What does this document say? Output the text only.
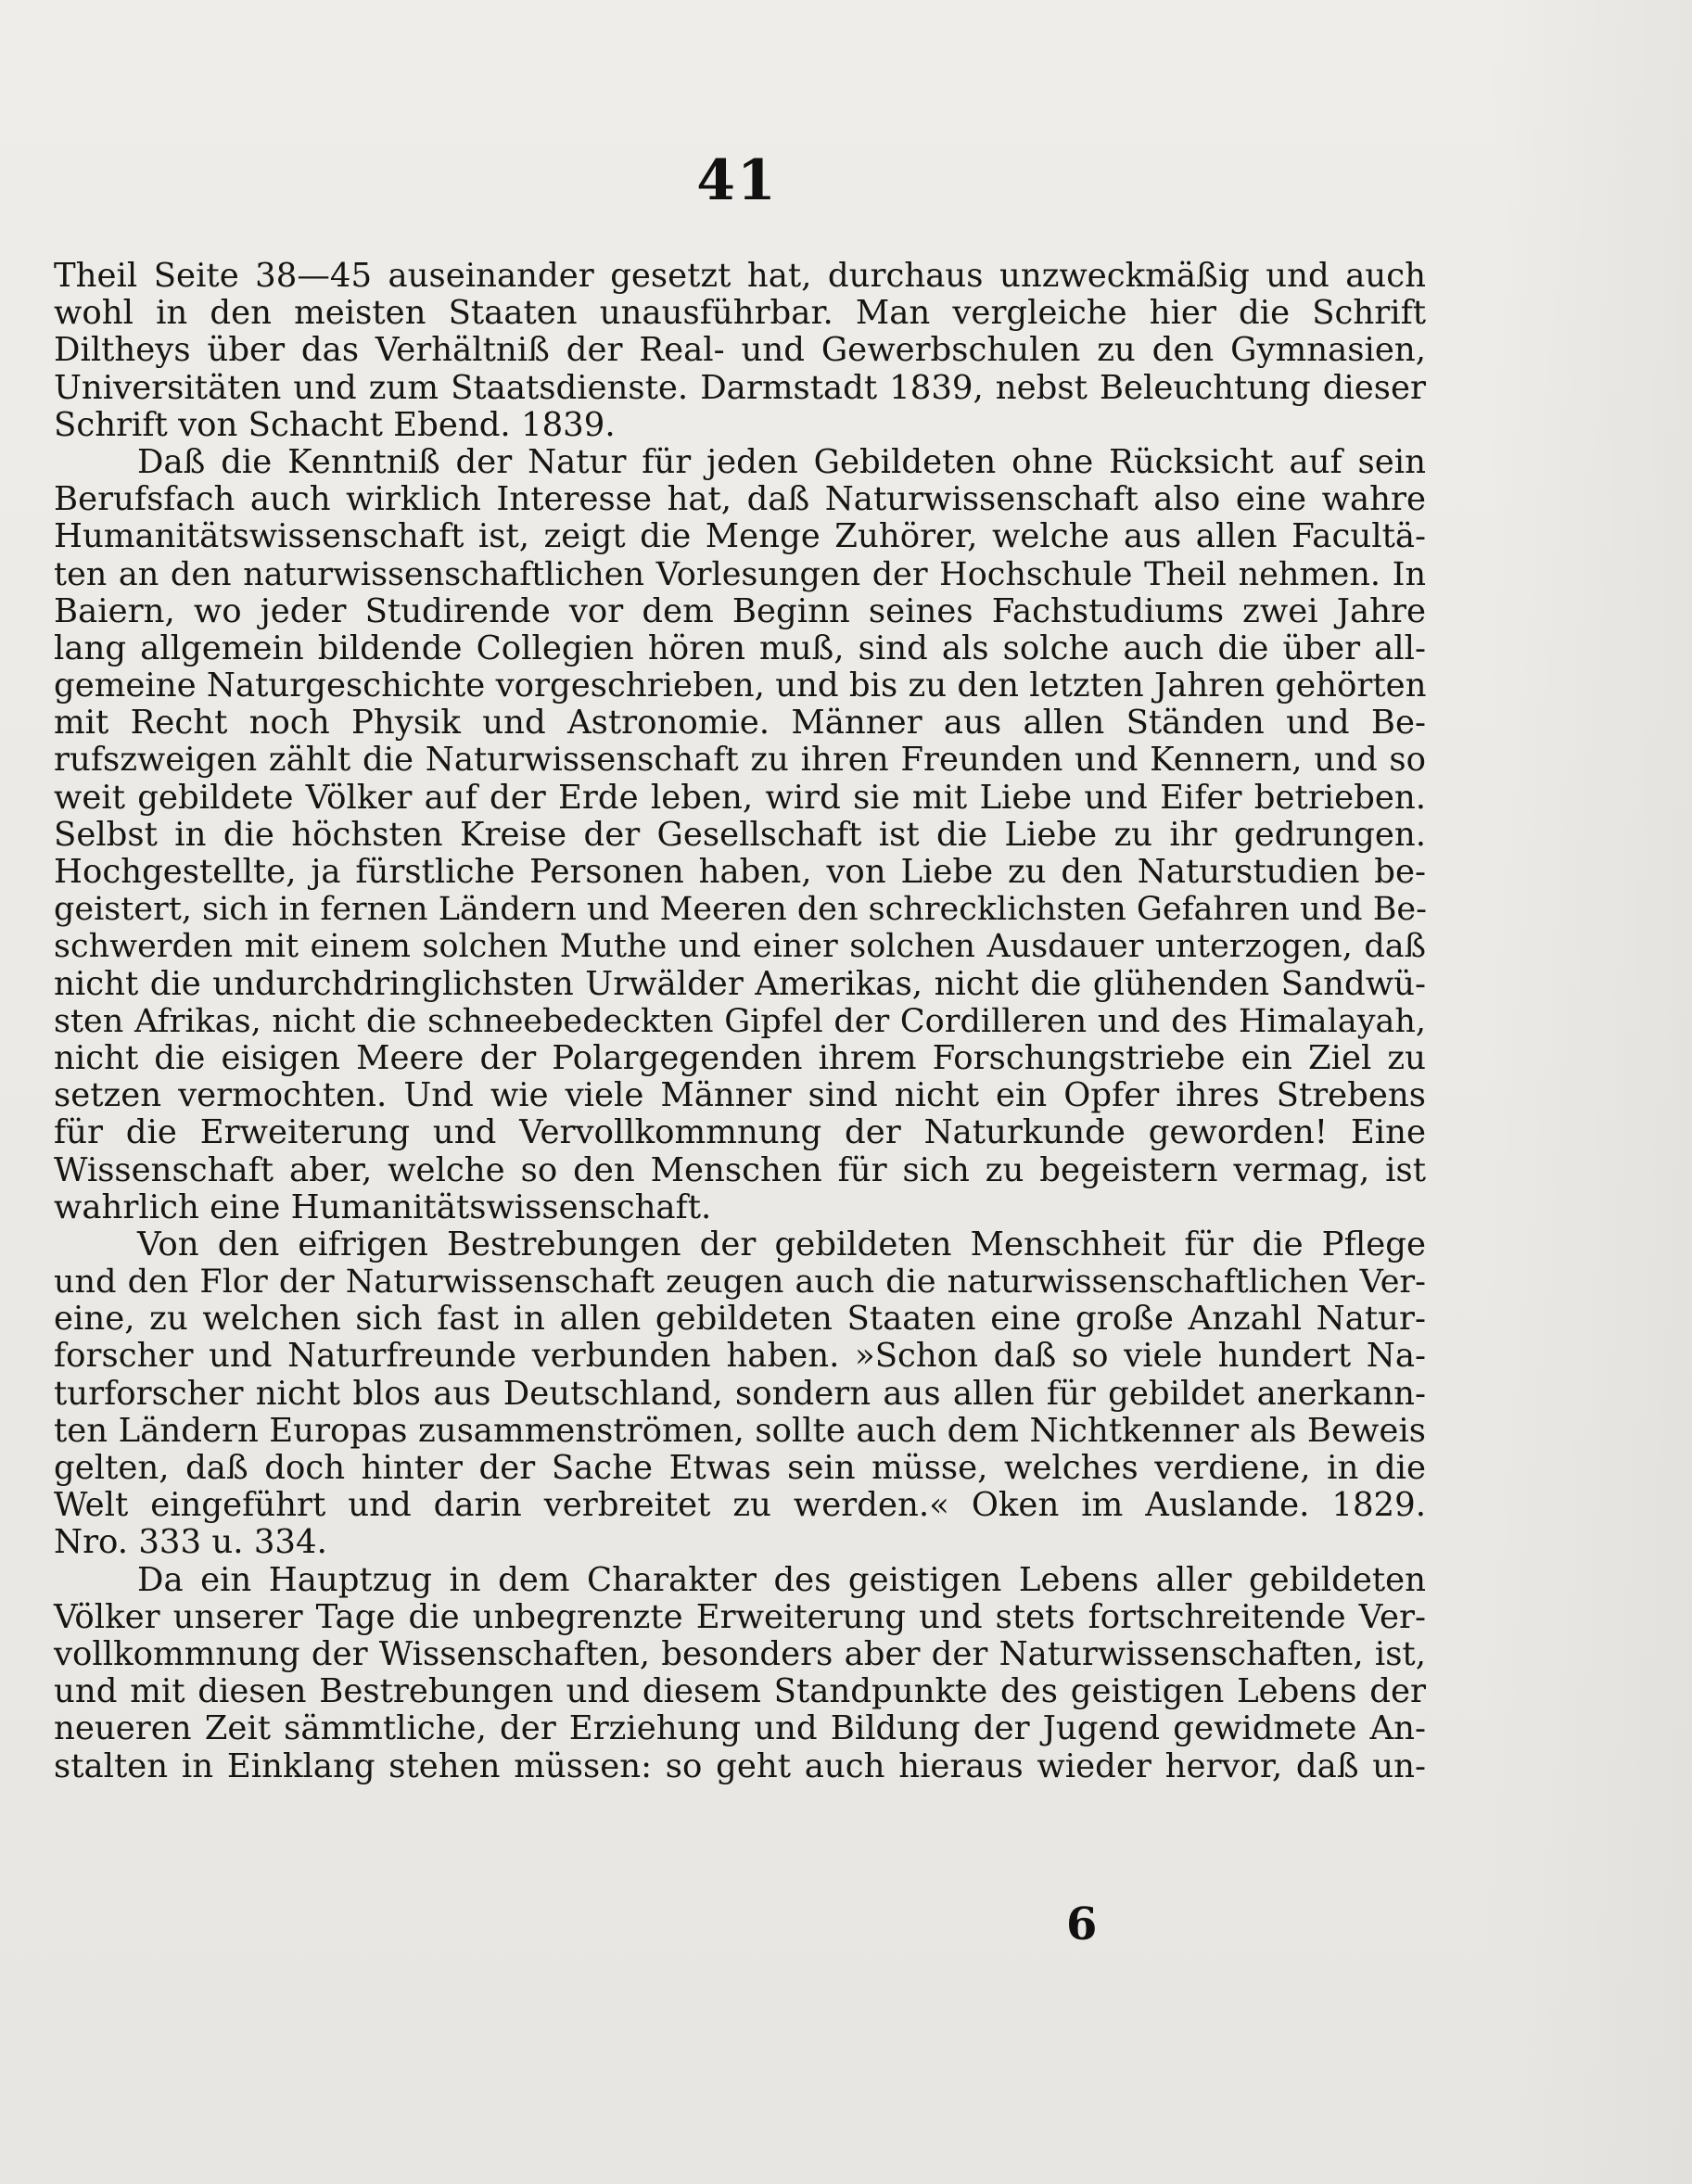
41
Theil Seite 38—45 auseinander gesetzt hat, durchaus unzweckmäßig und auch
wohl in den meisten Staaten unausführbar. Man vergleiche hier die Schrift
Diltheys über das Verhältniß der Real- und Gewerbschulen zu den Gymnasien,
Universitäten und zum Staatsdienste. Darmstadt 1839, nebst Beleuchtung dieser
Schrift von Schacht Ebend. 1839.
Daß die Kenntniß der Natur für jeden Gebildeten ohne Rücksicht auf sein
Berufsfach auch wirklich Interesse hat, daß Naturwissenschaft also eine wahre
Humanitätswissenschaft ist, zeigt die Menge Zuhörer, welche aus allen Facultä-
ten an den naturwissenschaftlichen Vorlesungen der Hochschule Theil nehmen. In
Baiern, wo jeder Studirende vor dem Beginn seines Fachstudiums zwei Jahre
lang allgemein bildende Collegien hören muß, sind als solche auch die über all-
gemeine Naturgeschichte vorgeschrieben, und bis zu den letzten Jahren gehörten
mit Recht noch Physik und Astronomie. Männer aus allen Ständen und Be-
rufszweigen zählt die Naturwissenschaft zu ihren Freunden und Kennern, und so
weit gebildete Völker auf der Erde leben, wird sie mit Liebe und Eifer betrieben.
Selbst in die höchsten Kreise der Gesellschaft ist die Liebe zu ihr gedrungen.
Hochgestellte, ja fürstliche Personen haben, von Liebe zu den Naturstudien be-
geistert, sich in fernen Ländern und Meeren den schrecklichsten Gefahren und Be-
schwerden mit einem solchen Muthe und einer solchen Ausdauer unterzogen, daß
nicht die undurchdringlichsten Urwälder Amerikas, nicht die glühenden Sandwü-
sten Afrikas, nicht die schneebedeckten Gipfel der Cordilleren und des Himalayah,
nicht die eisigen Meere der Polargegenden ihrem Forschungstriebe ein Ziel zu
setzen vermochten. Und wie viele Männer sind nicht ein Opfer ihres Strebens
für die Erweiterung und Vervollkommnung der Naturkunde geworden! Eine
Wissenschaft aber, welche so den Menschen für sich zu begeistern vermag, ist
wahrlich eine Humanitätswissenschaft.
Von den eifrigen Bestrebungen der gebildeten Menschheit für die Pflege
und den Flor der Naturwissenschaft zeugen auch die naturwissenschaftlichen Ver-
eine, zu welchen sich fast in allen gebildeten Staaten eine große Anzahl Natur-
forscher und Naturfreunde verbunden haben. »Schon daß so viele hundert Na-
turforscher nicht blos aus Deutschland, sondern aus allen für gebildet anerkann-
ten Ländern Europas zusammenströmen, sollte auch dem Nichtkenner als Beweis
gelten, daß doch hinter der Sache Etwas sein müsse, welches verdiene, in die
Welt eingeführt und darin verbreitet zu werden.« Oken im Auslande. 1829.
Nro. 333 u. 334.
Da ein Hauptzug in dem Charakter des geistigen Lebens aller gebildeten
Völker unserer Tage die unbegrenzte Erweiterung und stets fortschreitende Ver-
vollkommnung der Wissenschaften, besonders aber der Naturwissenschaften, ist,
und mit diesen Bestrebungen und diesem Standpunkte des geistigen Lebens der
neueren Zeit sämmtliche, der Erziehung und Bildung der Jugend gewidmete An-
stalten in Einklang stehen müssen: so geht auch hieraus wieder hervor, daß un-
6
